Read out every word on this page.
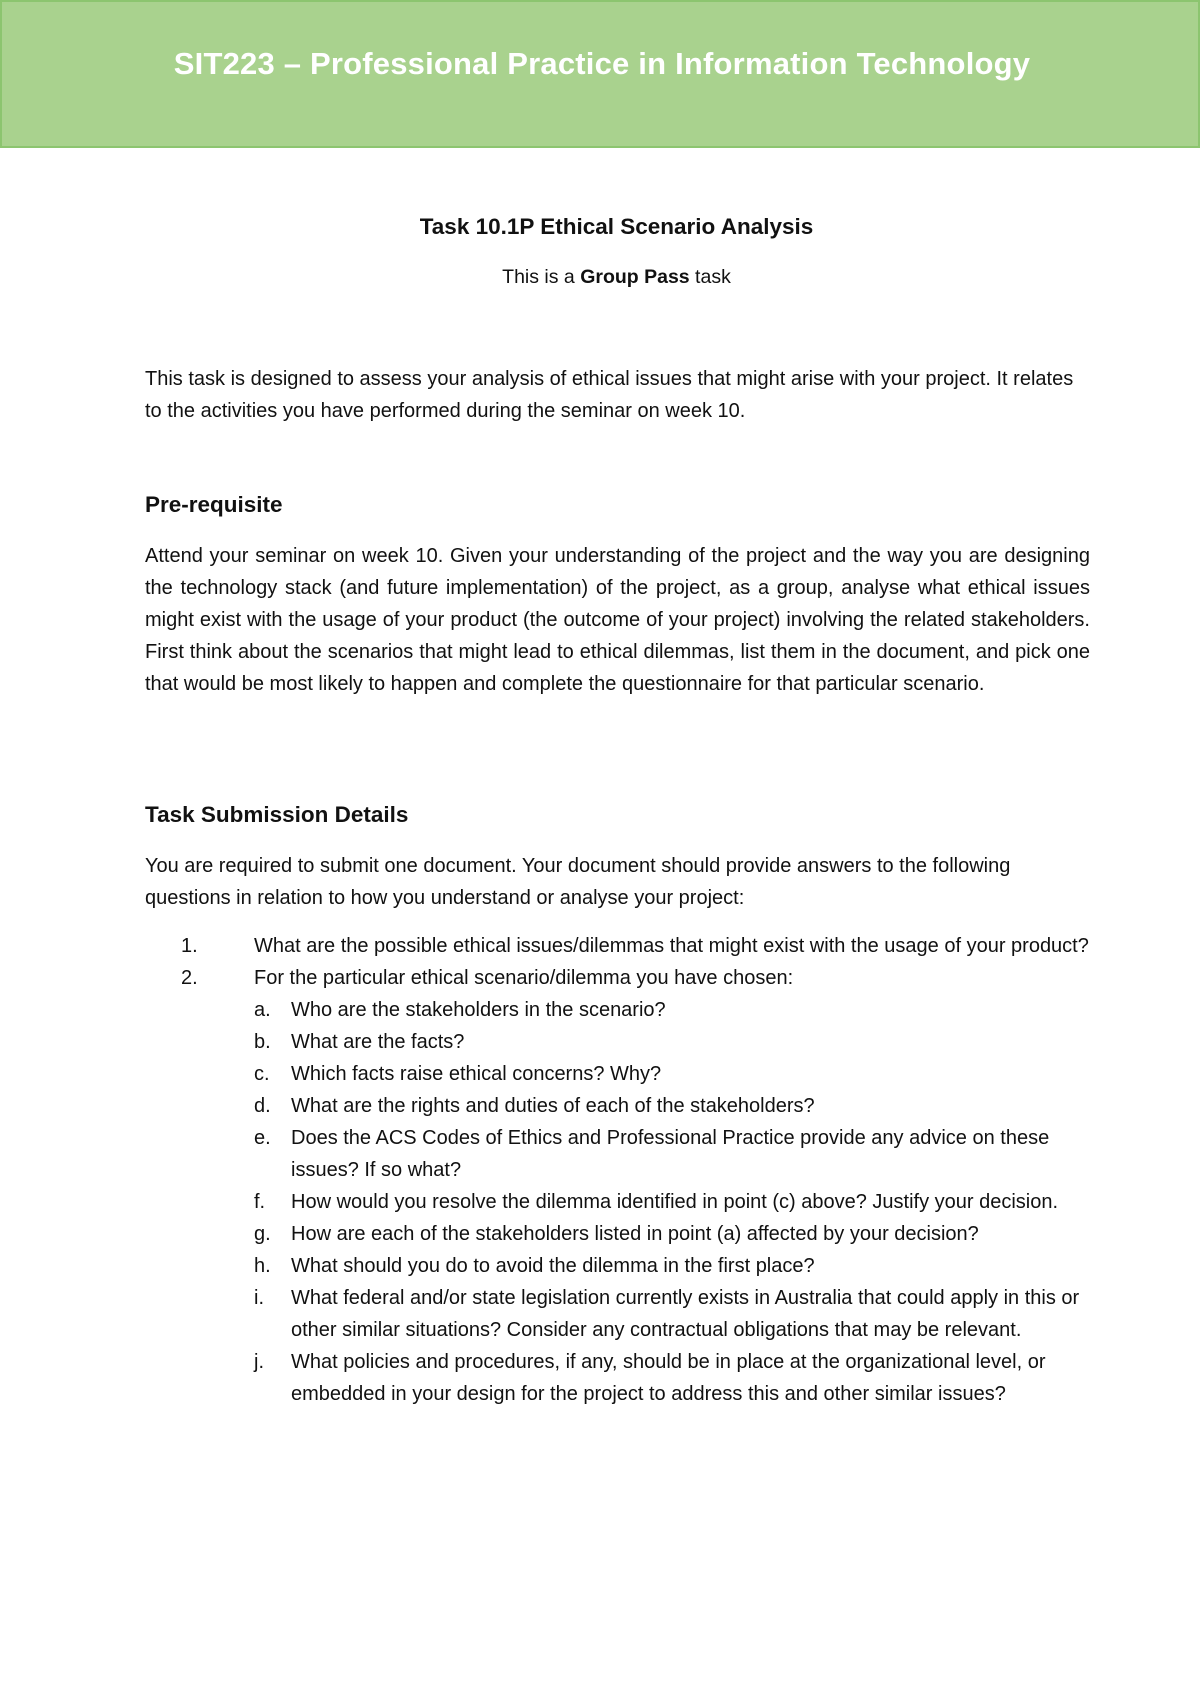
SIT223 – Professional Practice in Information Technology
Task 10.1P Ethical Scenario Analysis
This is a Group Pass task

This task is designed to assess your analysis of ethical issues that might arise with your project. It relates to the activities you have performed during the seminar on week 10.

Pre-requisite

Attend your seminar on week 10. Given your understanding of the project and the way you are designing the technology stack (and future implementation) of the project, as a group, analyse what ethical issues might exist with the usage of your product (the outcome of your project) involving the related stakeholders. First think about the scenarios that might lead to ethical dilemmas, list them in the document, and pick one that would be most likely to happen and complete the questionnaire for that particular scenario.

Task Submission Details

You are required to submit one document. Your document should provide answers to the following questions in relation to how you understand or analyse your project:

1.	What are the possible ethical issues/dilemmas that might exist with the usage of your product?
2.	For the particular ethical scenario/dilemma you have chosen:
a. Who are the stakeholders in the scenario?
b. What are the facts?
c. Which facts raise ethical concerns? Why?
d. What are the rights and duties of each of the stakeholders?
e. Does the ACS Codes of Ethics and Professional Practice provide any advice on these issues? If so what?
f. How would you resolve the dilemma identified in point (c) above? Justify your decision.
g. How are each of the stakeholders listed in point (a) affected by your decision?
h. What should you do to avoid the dilemma in the first place?
i. What federal and/or state legislation currently exists in Australia that could apply in this or other similar situations? Consider any contractual obligations that may be relevant.
j. What policies and procedures, if any, should be in place at the organizational level, or embedded in your design for the project to address this and other similar issues?
